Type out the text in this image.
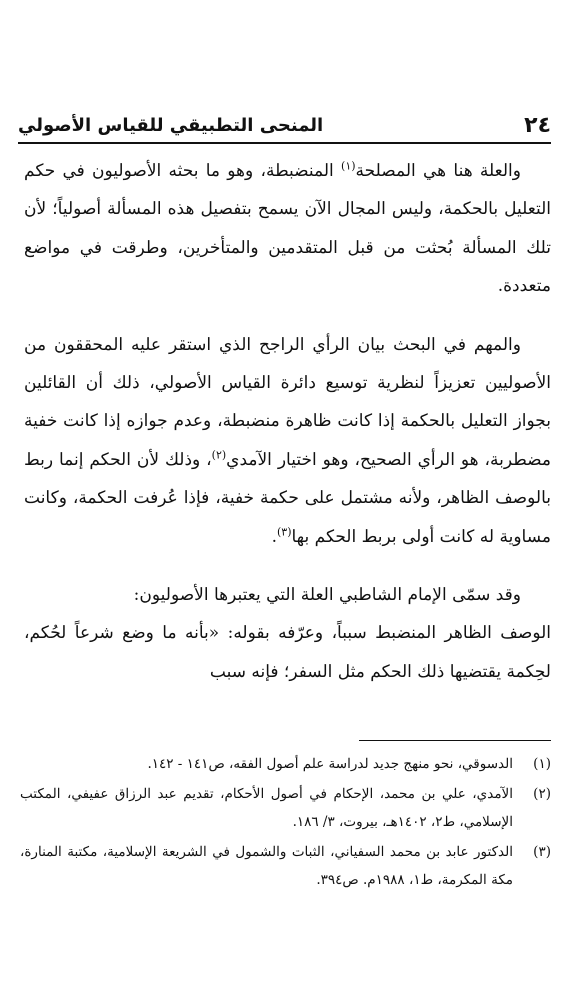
٢٤
المنحى التطبيقي للقياس الأصولي

والعلة هنا هي المصلحة$^{(١)}$ المنضبطة، وهو ما بحثه الأصوليون في حكم التعليل بالحكمة، وليس المجال الآن يسمح بتفصيل هذه المسألة أصولياً؛ لأن تلك المسألة بُحثت من قبل المتقدمين والمتأخرين، وطرقت في مواضع متعددة.

والمهم في البحث بيان الرأي الراجح الذي استقر عليه المحققون من الأصوليين تعزيزاً لنظرية توسيع دائرة القياس الأصولي، ذلك أن القائلين بجواز التعليل بالحكمة إذا كانت ظاهرة منضبطة، وعدم جوازه إذا كانت خفية مضطربة، هو الرأي الصحيح، وهو اختيار الآمدي$^{(٢)}$، وذلك لأن الحكم إنما ربط بالوصف الظاهر، ولأنه مشتمل على حكمة خفية، فإذا عُرفت الحكمة، وكانت مساوية له كانت أولى بربط الحكم بها$^{(٣)}$.

وقد سمّى الإمام الشاطبي العلة التي يعتبرها الأصوليون:

الوصف الظاهر المنضبط سبباً، وعرّفه بقوله: «بأنه ما وضع شرعاً لحُكم، لحِكمة يقتضيها ذلك الحكم مثل السفر؛ فإنه سبب

(١)
الدسوقي، نحو منهج جديد لدراسة علم أصول الفقه، ص١٤١ - ١٤٢.
(٢)
الآمدي، علي بن محمد، الإحكام في أصول الأحكام، تقديم عبد الرزاق عفيفي، المكتب الإسلامي، ط٢، ١٤٠٢هـ، بيروت، ٣/ ١٨٦.
(٣)
الدكتور عابد بن محمد السفياني، الثبات والشمول في الشريعة الإسلامية، مكتبة المنارة، مكة المكرمة، ط١، ١٩٨٨م. ص٣٩٤.
